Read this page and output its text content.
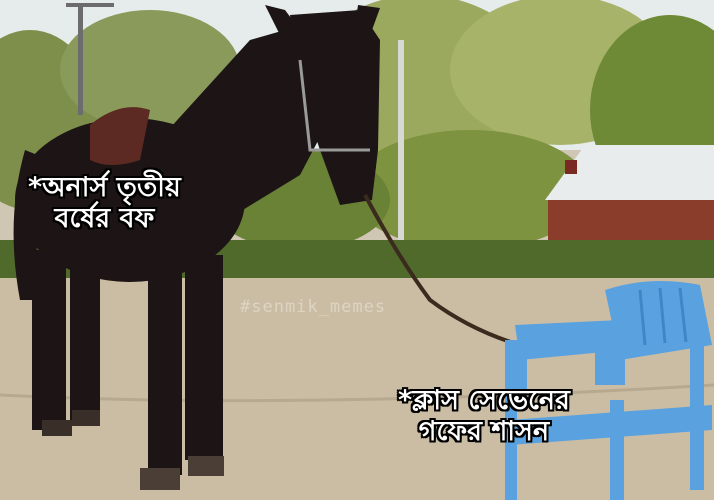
#senmik_memes
*অনার্স তৃতীয়
বর্ষের বফ
*ক্লাস সেভেনের
গফের শাসন
